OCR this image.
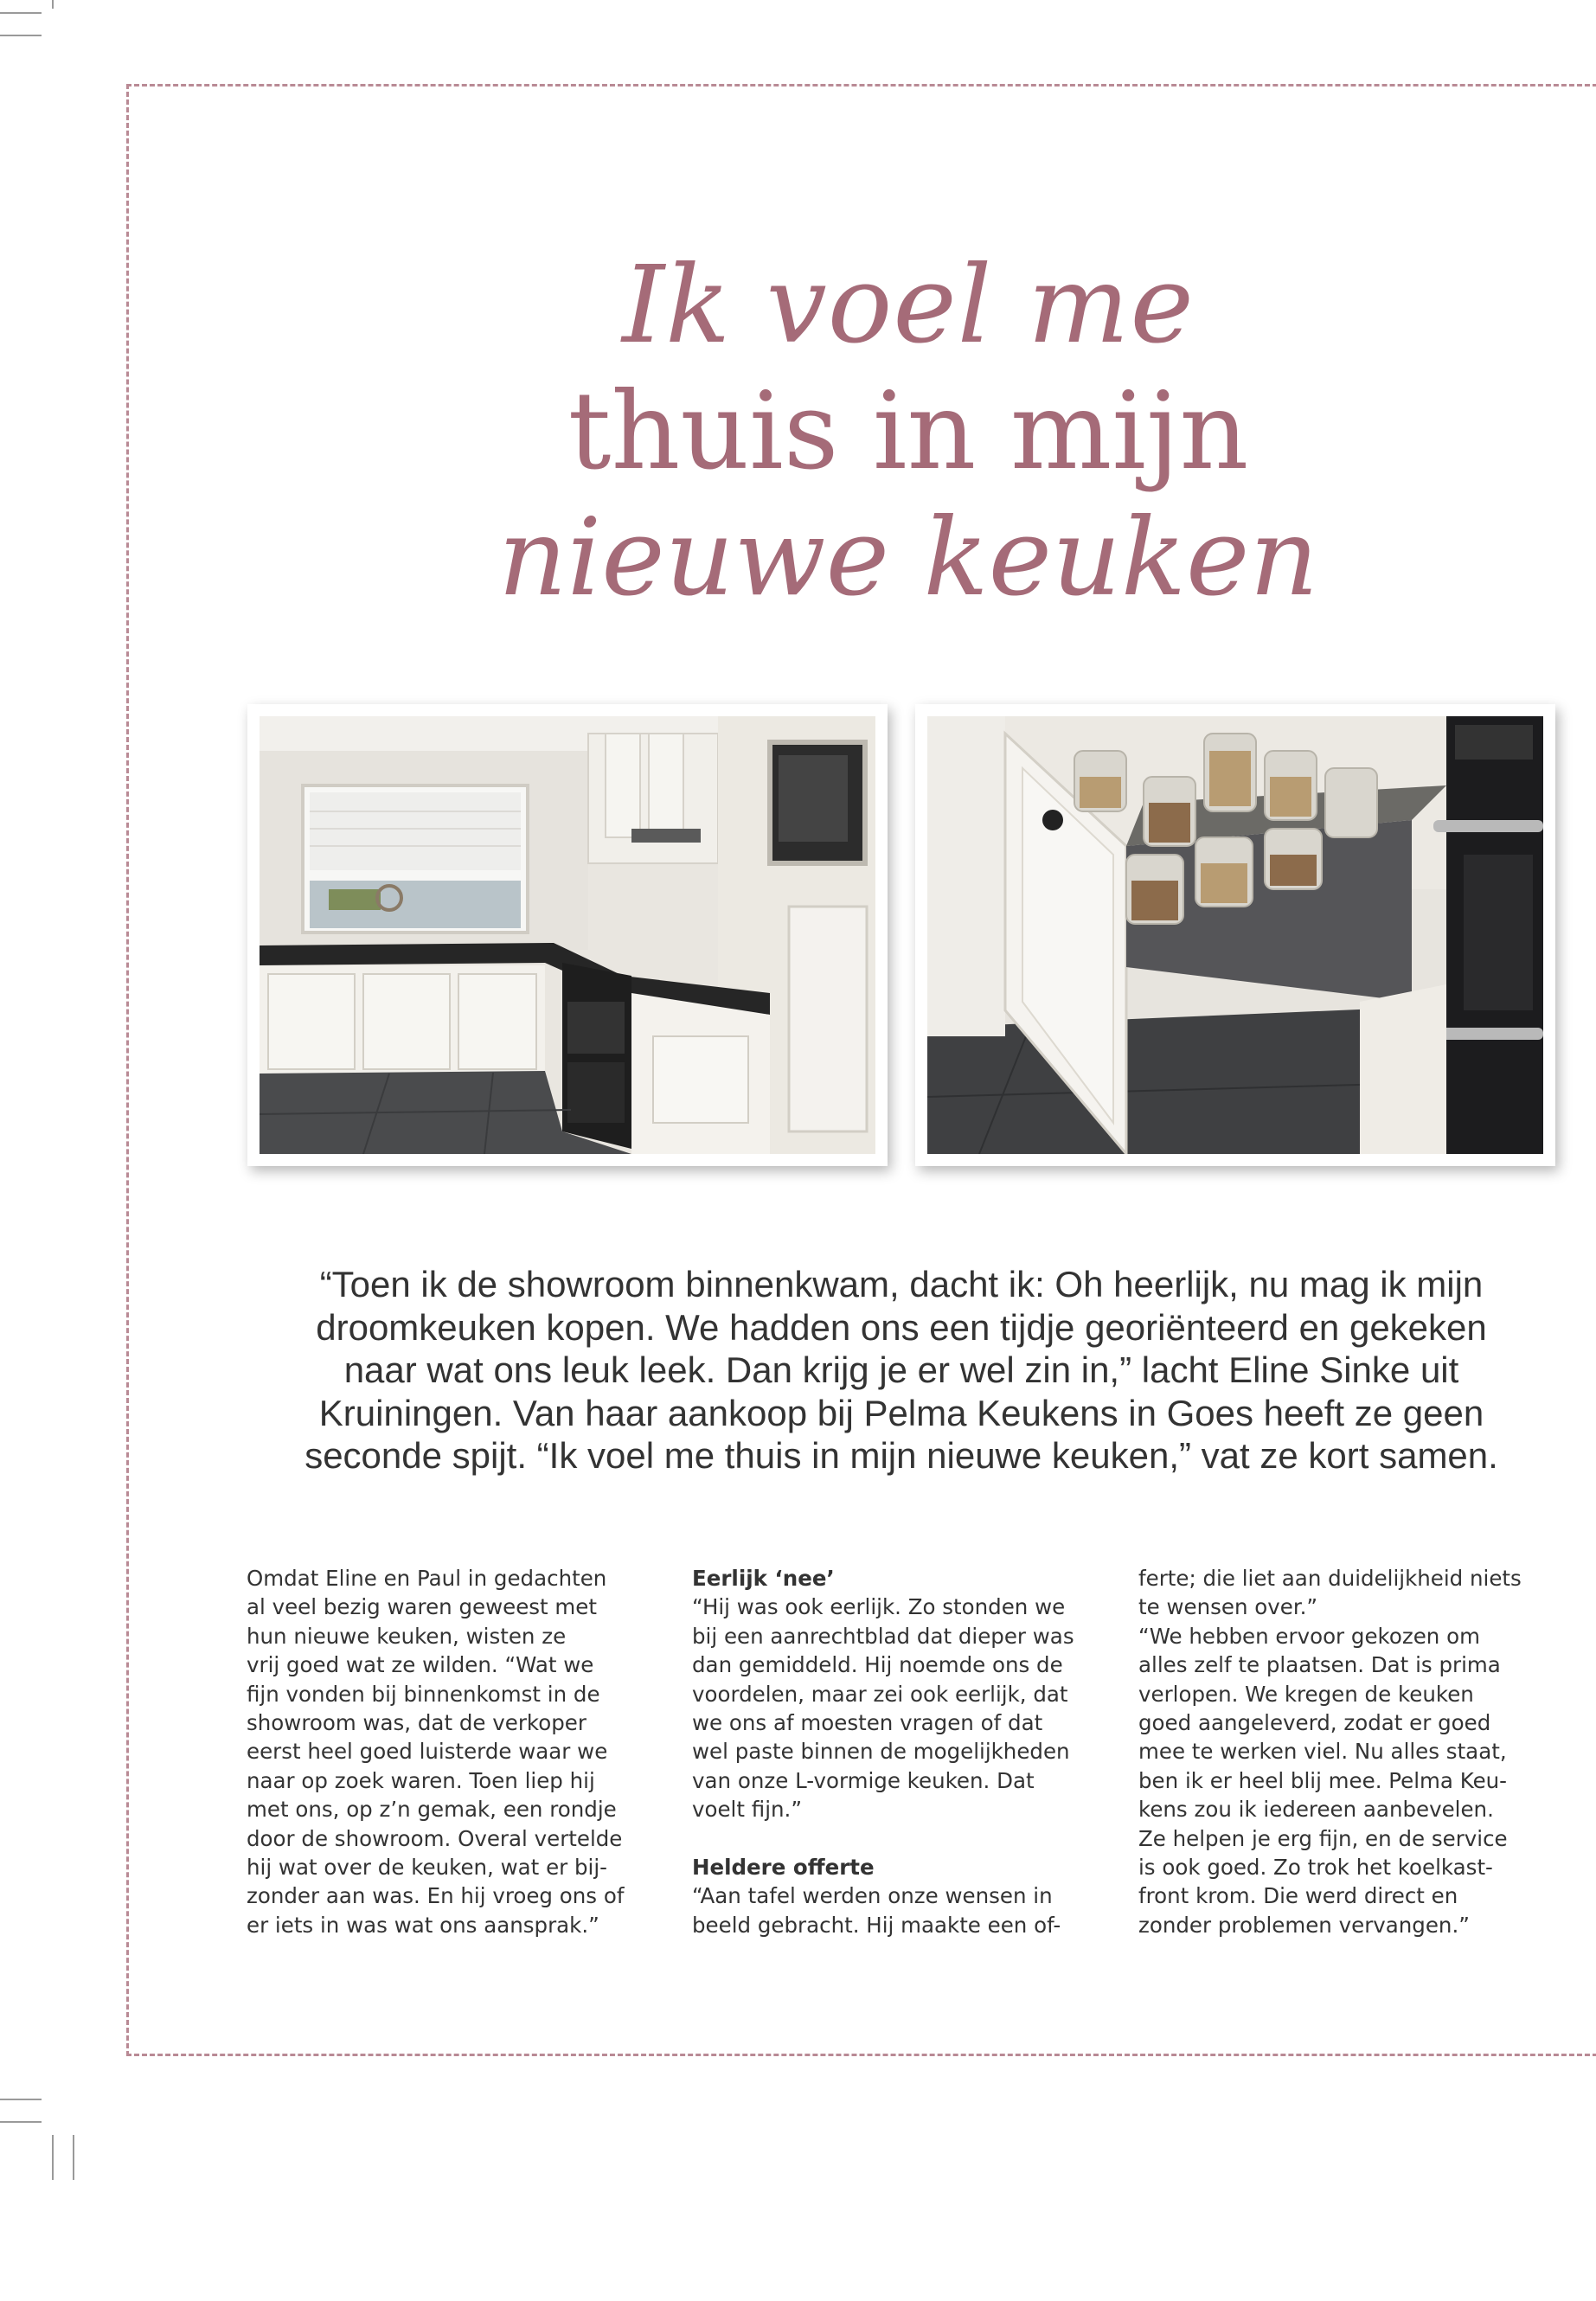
Ik voel me
thuis in mijn
nieuwe keuken
“Toen ik de showroom binnenkwam, dacht ik: Oh heerlijk, nu mag ik mijn
droomkeuken kopen. We hadden ons een tijdje georiënteerd en gekeken
naar wat ons leuk leek. Dan krijg je er wel zin in,” lacht Eline Sinke uit
Kruiningen. Van haar aankoop bij Pelma Keukens in Goes heeft ze geen
seconde spijt. “Ik voel me thuis in mijn nieuwe keuken,” vat ze kort samen.
Omdat Eline en Paul in gedachten
al veel bezig waren geweest met
hun nieuwe keuken, wisten ze
vrij goed wat ze wilden. “Wat we
fijn vonden bij binnenkomst in de
showroom was, dat de verkoper
eerst heel goed luisterde waar we
naar op zoek waren. Toen liep hij
met ons, op z’n gemak, een rondje
door de showroom. Overal vertelde
hij wat over de keuken, wat er bij-
zonder aan was. En hij vroeg ons of
er iets in was wat ons aansprak.”
Eerlijk ‘nee’
“Hij was ook eerlijk. Zo stonden we
bij een aanrechtblad dat dieper was
dan gemiddeld. Hij noemde ons de
voordelen, maar zei ook eerlijk, dat
we ons af moesten vragen of dat
wel paste binnen de mogelijkheden
van onze L-vormige keuken. Dat
voelt fijn.”
Heldere offerte
“Aan tafel werden onze wensen in
beeld gebracht. Hij maakte een of-
ferte; die liet aan duidelijkheid niets
te wensen over.”
“We hebben ervoor gekozen om
alles zelf te plaatsen. Dat is prima
verlopen. We kregen de keuken
goed aangeleverd, zodat er goed
mee te werken viel. Nu alles staat,
ben ik er heel blij mee. Pelma Keu-
kens zou ik iedereen aanbevelen.
Ze helpen je erg fijn, en de service
is ook goed. Zo trok het koelkast-
front krom. Die werd direct en
zonder problemen vervangen.”
